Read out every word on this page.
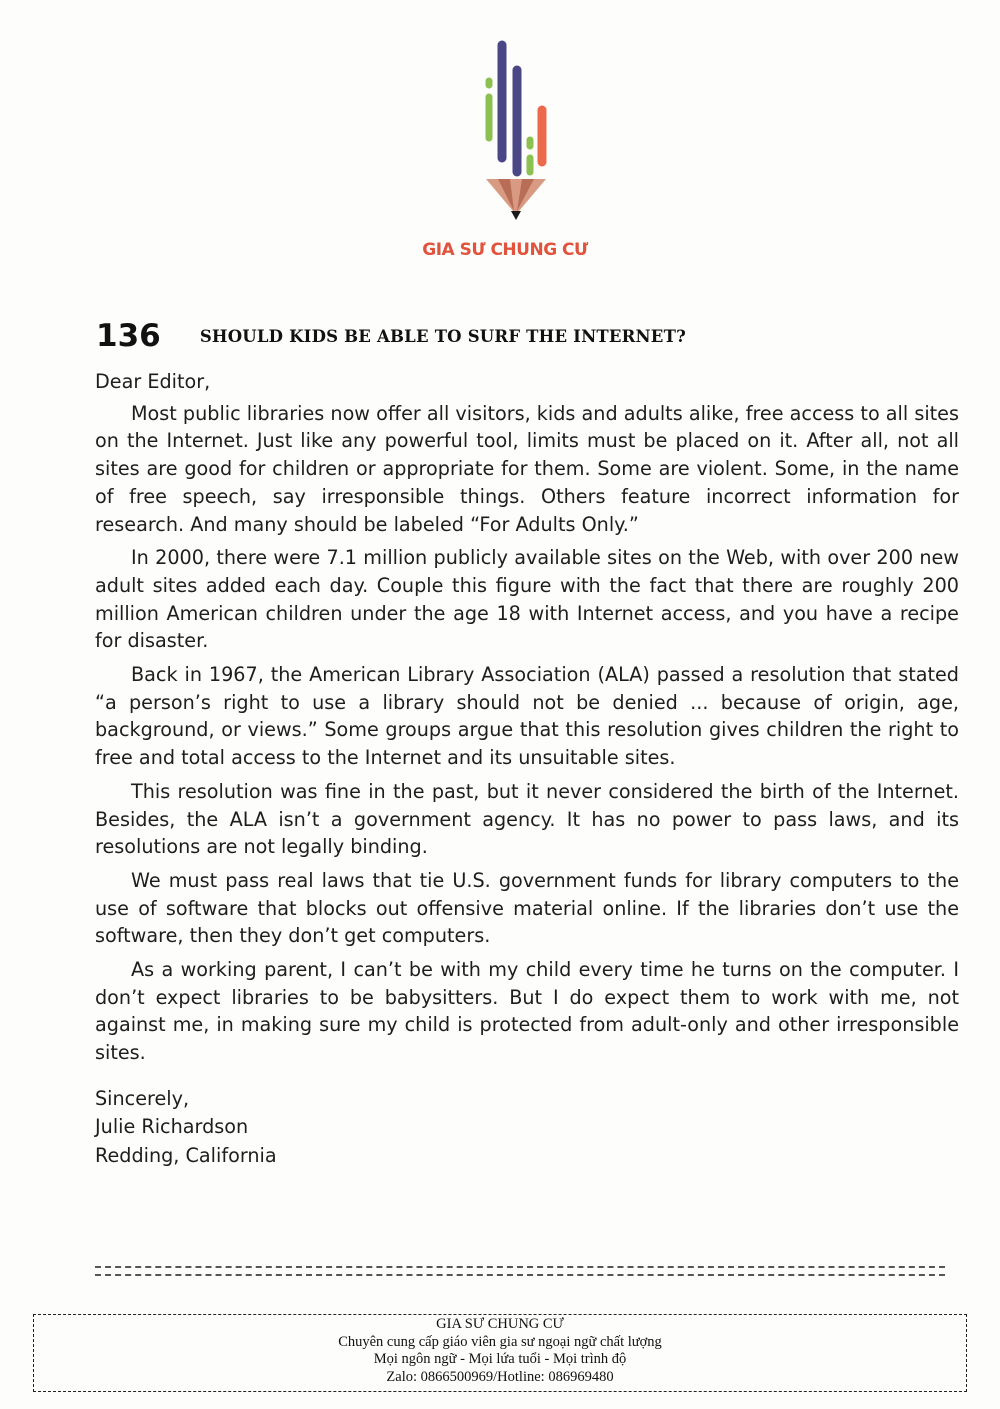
GIA SƯ CHUNG CƯ
136 SHOULD KIDS BE ABLE TO SURF THE INTERNET?

Dear Editor,

Most public libraries now offer all visitors, kids and adults alike, free access to all sites on the Internet. Just like any powerful tool, limits must be placed on it. After all, not all sites are good for children or appropriate for them. Some are violent. Some, in the name of free speech, say irresponsible things. Others feature incorrect information for research. And many should be labeled “For Adults Only.”

In 2000, there were 7.1 million publicly available sites on the Web, with over 200 new adult sites added each day. Couple this figure with the fact that there are roughly 200 million American children under the age 18 with Internet access, and you have a recipe for disaster.

Back in 1967, the American Library Association (ALA) passed a resolution that stated “a person’s right to use a library should not be denied ... because of origin, age, background, or views.” Some groups argue that this resolution gives children the right to free and total access to the Internet and its unsuitable sites.

This resolution was fine in the past, but it never considered the birth of the Internet. Besides, the ALA isn’t a government agency. It has no power to pass laws, and its resolutions are not legally binding.

We must pass real laws that tie U.S. government funds for library computers to the use of software that blocks out offensive material online. If the libraries don’t use the software, then they don’t get computers.

As a working parent, I can’t be with my child every time he turns on the computer. I don’t expect libraries to be babysitters. But I do expect them to work with me, not against me, in making sure my child is protected from adult-only and other irresponsible sites.

Sincerely,
Julie Richardson
Redding, California
GIA SƯ CHUNG CƯ
Chuyên cung cấp giáo viên gia sư ngoại ngữ chất lượng
Mọi ngôn ngữ - Mọi lứa tuổi - Mọi trình độ
Zalo: 0866500969/Hotline: 086969480
